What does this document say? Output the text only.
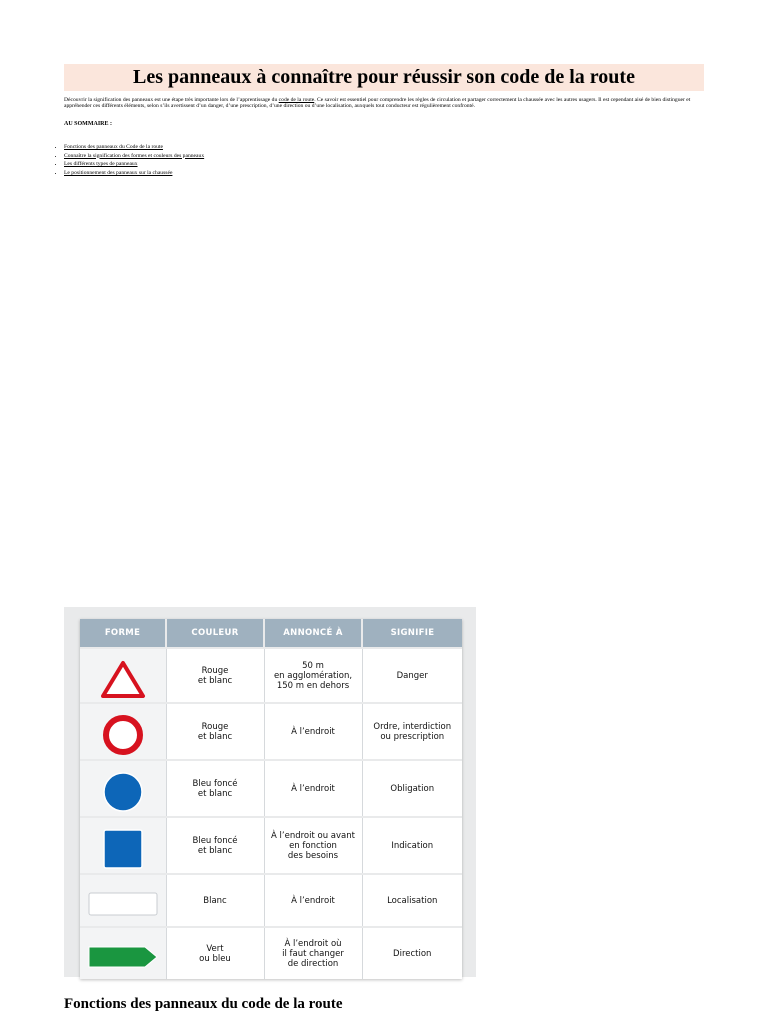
Les panneaux à connaître pour réussir son code de la route

Découvrir la signification des panneaux est une étape très importante lors de l’apprentissage du code de la route. Ce savoir est essentiel pour comprendre les règles de circulation et partager correctement la chaussée avec les autres usagers. Il est cependant aisé de bien distinguer et appréhender ces différents éléments, selon s’ils avertissent d’un danger, d’une prescription, d’une direction ou d’une localisation, auxquels tout conducteur est régulièrement confronté.

AU SOMMAIRE :

• Fonctions des panneaux du Code de la route
• Connaître la signification des formes et couleurs des panneaux
• Les différents types de panneaux
• Le positionnement des panneaux sur la chaussée
FORME	COULEUR	ANNONCÉ À	SIGNIFIE

	Rouge
et blanc	50 m
en agglomération,
150 m en dehors	Danger

	Rouge
et blanc	À l’endroit	Ordre, interdiction
ou prescription

	Bleu foncé
et blanc	À l’endroit	Obligation

	Bleu foncé
et blanc	À l’endroit ou avant
en fonction
des besoins	Indication

	Blanc	À l’endroit	Localisation

	Vert
ou bleu	À l’endroit où
il faut changer
de direction	Direction
Fonctions des panneaux du code de la route
